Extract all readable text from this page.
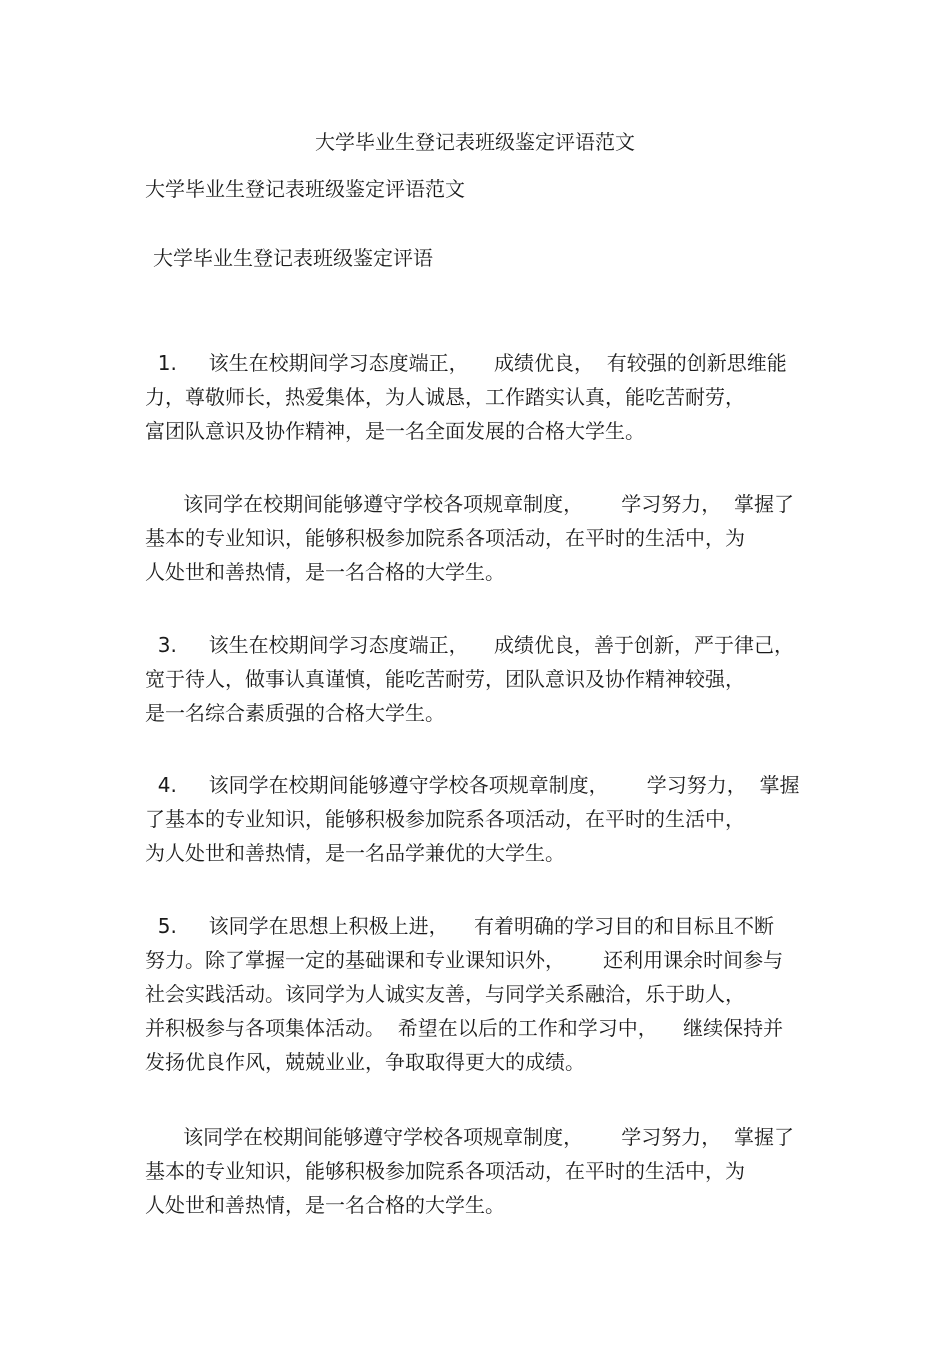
大学毕业生登记表班级鉴定评语范文
大学毕业生登记表班级鉴定评语范文
大学毕业生登记表班级鉴定评语
1.     该生在校期间学习态度端正，    成绩优良，  有较强的创新思维能
力，尊敬师长，热爱集体，为人诚恳，工作踏实认真，能吃苦耐劳，
富团队意识及协作精神，是一名全面发展的合格大学生。
该同学在校期间能够遵守学校各项规章制度，      学习努力，  掌握了
基本的专业知识，能够积极参加院系各项活动，在平时的生活中，为
人处世和善热情，是一名合格的大学生。
3.     该生在校期间学习态度端正，    成绩优良，善于创新，严于律己，
宽于待人，做事认真谨慎，能吃苦耐劳，团队意识及协作精神较强，
是一名综合素质强的合格大学生。
4.     该同学在校期间能够遵守学校各项规章制度，      学习努力，  掌握
了基本的专业知识，能够积极参加院系各项活动，在平时的生活中，
为人处世和善热情，是一名品学兼优的大学生。
5.     该同学在思想上积极上进，    有着明确的学习目的和目标且不断
努力。除了掌握一定的基础课和专业课知识外，      还利用课余时间参与
社会实践活动。该同学为人诚实友善，与同学关系融洽，乐于助人，
并积极参与各项集体活动。  希望在以后的工作和学习中，    继续保持并
发扬优良作风，兢兢业业，争取取得更大的成绩。
该同学在校期间能够遵守学校各项规章制度，      学习努力，  掌握了
基本的专业知识，能够积极参加院系各项活动，在平时的生活中，为
人处世和善热情，是一名合格的大学生。
